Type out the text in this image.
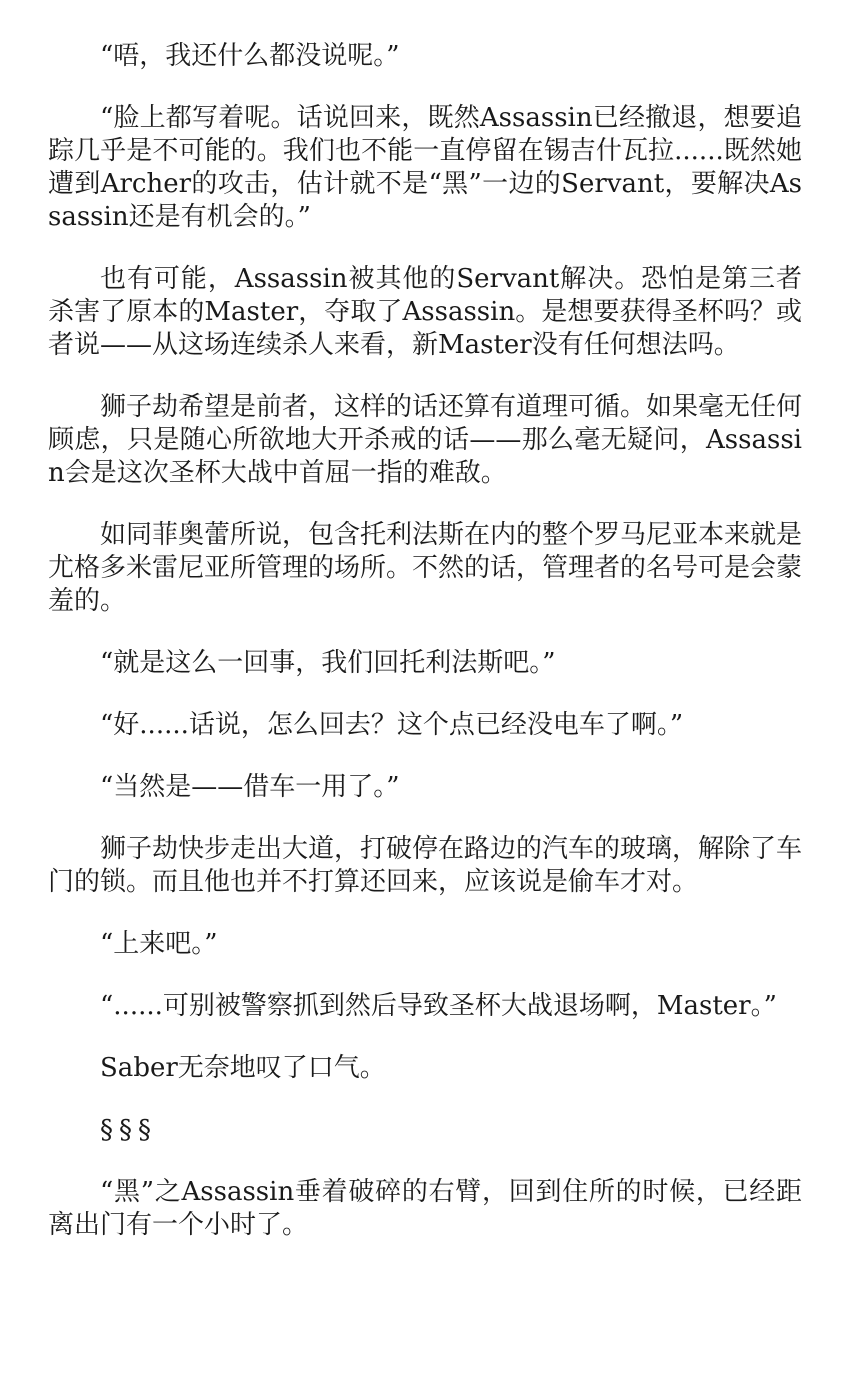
“唔，我还什么都没说呢。”

“脸上都写着呢。话说回来，既然Assassin已经撤退，想要追踪几乎是不可能的。我们也不能一直停留在锡吉什瓦拉......既然她遭到Archer的攻击，估计就不是“黑”一边的Servant，要解决Assassin还是有机会的。”

也有可能，Assassin被其他的Servant解决。恐怕是第三者杀害了原本的Master，夺取了Assassin。是想要获得圣杯吗？或者说——从这场连续杀人来看，新Master没有任何想法吗。

狮子劫希望是前者，这样的话还算有道理可循。如果毫无任何顾虑，只是随心所欲地大开杀戒的话——那么毫无疑问，Assassin会是这次圣杯大战中首屈一指的难敌。

如同菲奥蕾所说，包含托利法斯在内的整个罗马尼亚本来就是尤格多米雷尼亚所管理的场所。不然的话，管理者的名号可是会蒙羞的。

“就是这么一回事，我们回托利法斯吧。”

“好......话说，怎么回去？这个点已经没电车了啊。”

“当然是——借车一用了。”

狮子劫快步走出大道，打破停在路边的汽车的玻璃，解除了车门的锁。而且他也并不打算还回来，应该说是偷车才对。

“上来吧。”

“......可别被警察抓到然后导致圣杯大战退场啊，Master。”

Saber无奈地叹了口气。

§§§

“黑”之Assassin垂着破碎的右臂，回到住所的时候，已经距离出门有一个小时了。
